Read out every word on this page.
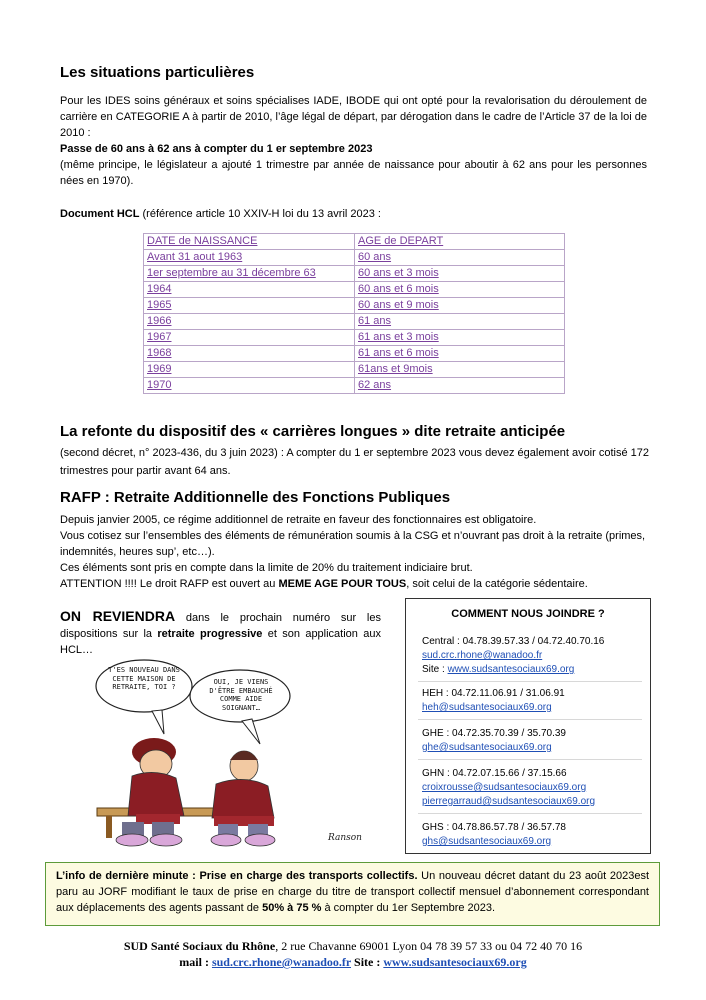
Les situations particulières
Pour les IDES soins généraux et soins spécialises IADE, IBODE qui ont opté pour la revalorisation du déroulement de carrière en CATEGORIE A à partir de 2010, l’âge légal de départ, par dérogation dans le cadre de l’Article 37 de la loi de 2010 :
Passe de 60 ans à 62 ans à compter du 1 er septembre 2023
(même principe, le législateur a ajouté 1 trimestre par année de naissance pour aboutir à 62 ans pour les personnes nées en 1970).
Document HCL (référence article 10 XXIV-H loi du 13 avril 2023 :
DATE de NAISSANCE	AGE de DEPART
Avant 31 aout 1963	60 ans
1er septembre au 31 décembre 63	60 ans et 3 mois
1964	60 ans et 6 mois
1965	60 ans et 9 mois
1966	61 ans
1967	61 ans et 3 mois
1968	61 ans et 6 mois
1969	61ans et 9mois
1970	62 ans
La refonte du dispositif des « carrières longues » dite retraite anticipée
(second décret, n° 2023-436, du 3 juin 2023) : A compter du 1 er septembre 2023 vous devez également avoir cotisé 172 trimestres pour partir avant 64 ans.
RAFP : Retraite Additionnelle des Fonctions Publiques
Depuis janvier 2005, ce régime additionnel de retraite en faveur des fonctionnaires est obligatoire.
Vous cotisez sur l’ensembles des éléments de rémunération soumis à la CSG et n’ouvrant pas droit à la retraite (primes, indemnités, heures sup’, etc…).
Ces éléments sont pris en compte dans la limite de 20% du traitement indiciaire brut.
ATTENTION !!!! Le droit RAFP est ouvert au MEME AGE POUR TOUS, soit celui de la catégorie sédentaire.
ON REVIENDRA dans le prochain numéro sur les dispositions sur la retraite progressive et son application aux HCL…
T'ES NOUVEAU DANS CETTE MAISON DE RETRAITE, TOI ?
OUI, JE VIENS D'ÊTRE EMBAUCHÉ COMME AIDE SOIGNANT…
Ranson
COMMENT NOUS JOINDRE ?
Central : 04.78.39.57.33 / 04.72.40.70.16
sud.crc.rhone@wanadoo.fr
Site : www.sudsantesociaux69.org
HEH : 04.72.11.06.91 / 31.06.91
heh@sudsantesociaux69.org
GHE : 04.72.35.70.39 / 35.70.39
ghe@sudsantesociaux69.org
GHN : 04.72.07.15.66 / 37.15.66
croixrousse@sudsantesociaux69.org
pierregarraud@sudsantesociaux69.org
GHS : 04.78.86.57.78 / 36.57.78
ghs@sudsantesociaux69.org
L’info de dernière minute : Prise en charge des transports collectifs. Un nouveau décret datant du 23 août 2023est paru au JORF modifiant le taux de prise en charge du titre de transport collectif mensuel d’abonnement correspondant aux déplacements des agents passant de 50% à 75 % à compter du 1er Septembre 2023.
SUD Santé Sociaux du Rhône, 2 rue Chavanne 69001 Lyon 04 78 39 57 33 ou 04 72 40 70 16
mail : sud.crc.rhone@wanadoo.fr Site : www.sudsantesociaux69.org
